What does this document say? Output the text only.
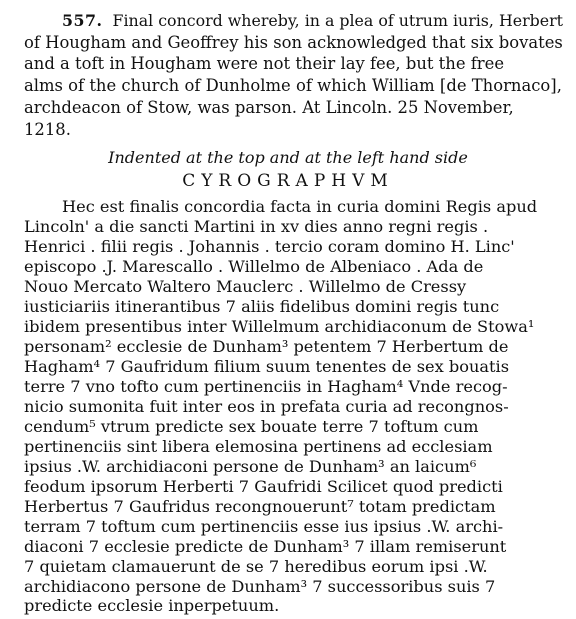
557. Final concord whereby, in a plea of utrum iuris, Herbert
of Hougham and Geoffrey his son acknowledged that six bovates
and a toft in Hougham were not their lay fee, but the free
alms of the church of Dunholme of which William [de Thornaco],
archdeacon of Stow, was parson. At Lincoln. 25 November,
1218.
Indented at the top and at the left hand side
CYROGRAPHVM
Hec est finalis concordia facta in curia domini Regis apud
Lincoln' a die sancti Martini in xv dies anno regni regis .
Henrici . filii regis . Johannis . tercio coram domino H. Linc'
episcopo .J. Marescallo . Willelmo de Albeniaco . Ada de
Nouo Mercato Waltero Mauclerc . Willelmo de Cressy
iusticiariis itinerantibus 7 aliis fidelibus domini regis tunc
ibidem presentibus inter Willelmum archidiaconum de Stowa¹
personam² ecclesie de Dunham³ petentem 7 Herbertum de
Hagham⁴ 7 Gaufridum filium suum tenentes de sex bouatis
terre 7 vno tofto cum pertinenciis in Hagham⁴ Vnde recog-
nicio sumonita fuit inter eos in prefata curia ad recongnos-
cendum⁵ vtrum predicte sex bouate terre 7 toftum cum
pertinenciis sint libera elemosina pertinens ad ecclesiam
ipsius .W. archidiaconi persone de Dunham³ an laicum⁶
feodum ipsorum Herberti 7 Gaufridi Scilicet quod predicti
Herbertus 7 Gaufridus recongnouerunt⁷ totam predictam
terram 7 toftum cum pertinenciis esse ius ipsius .W. archi-
diaconi 7 ecclesie predicte de Dunham³ 7 illam remiserunt
7 quietam clamauerunt de se 7 heredibus eorum ipsi .W.
archidiacono persone de Dunham³ 7 successoribus suis 7
predicte ecclesie inperpetuum.
